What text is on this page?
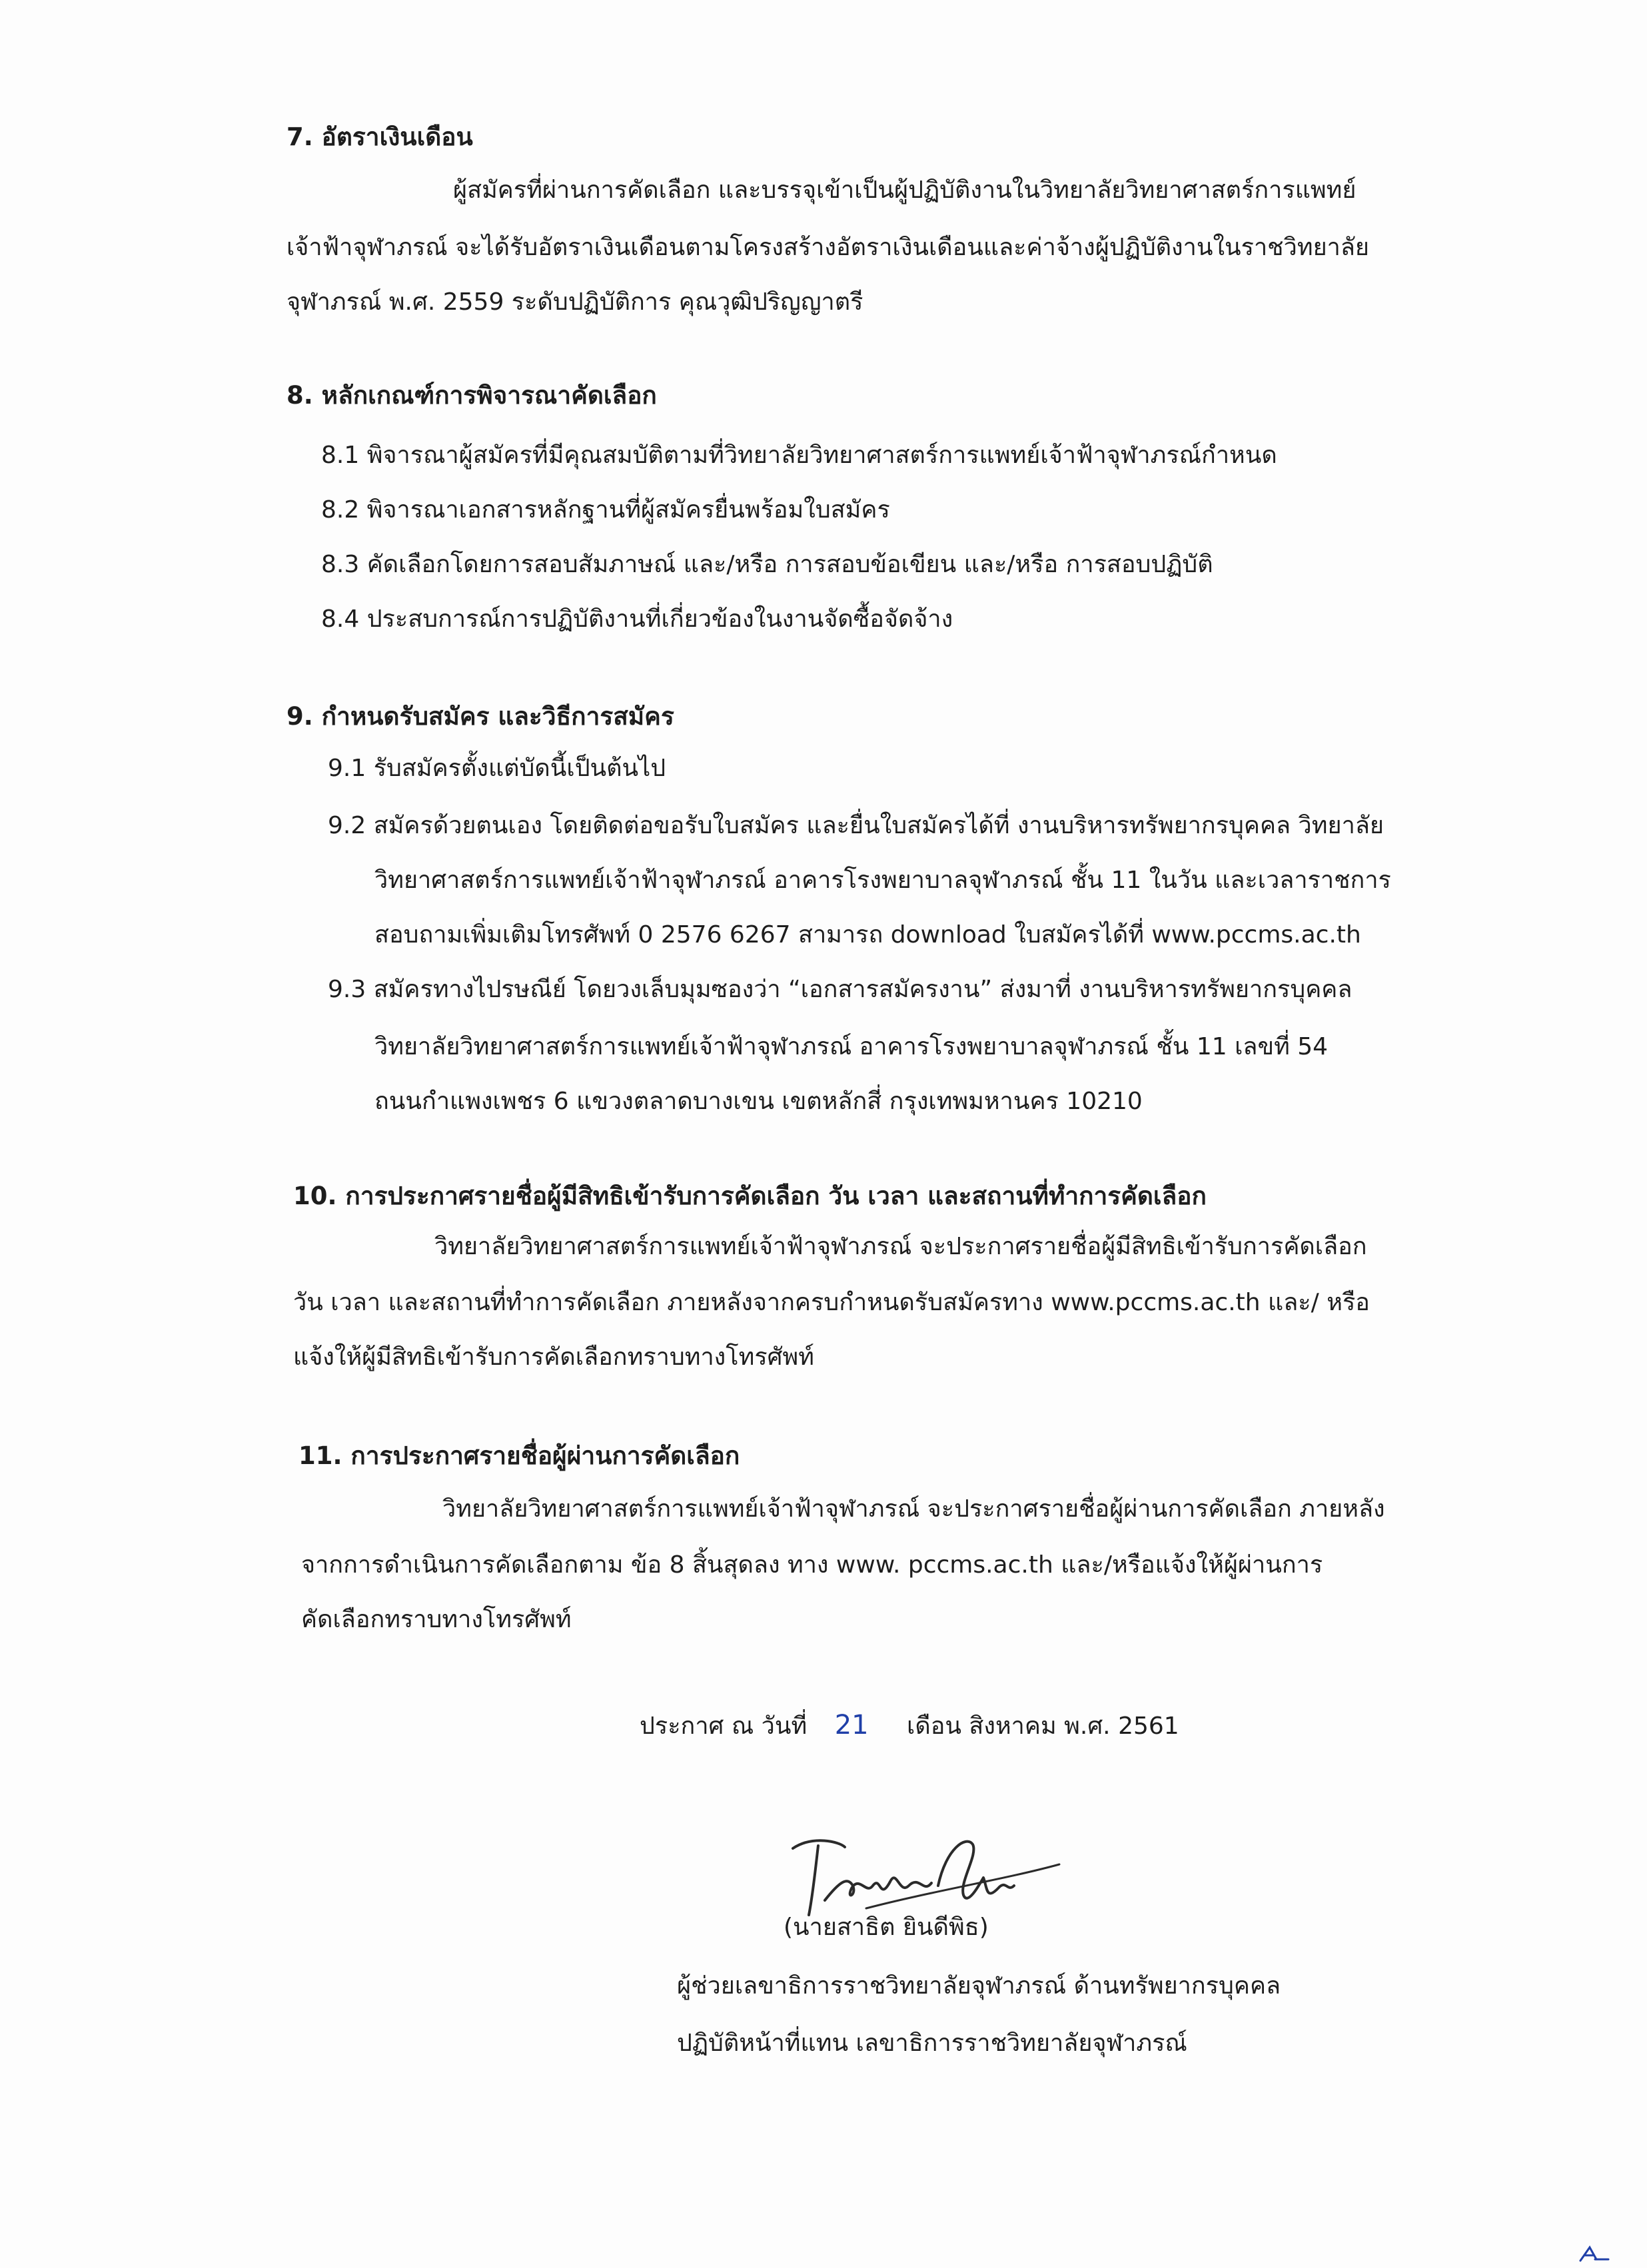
7. อัตราเงินเดือน
ผู้สมัครที่ผ่านการคัดเลือก และบรรจุเข้าเป็นผู้ปฏิบัติงานในวิทยาลัยวิทยาศาสตร์การแพทย์
เจ้าฟ้าจุฬาภรณ์ จะได้รับอัตราเงินเดือนตามโครงสร้างอัตราเงินเดือนและค่าจ้างผู้ปฏิบัติงานในราชวิทยาลัย
จุฬาภรณ์ พ.ศ. 2559 ระดับปฏิบัติการ คุณวุฒิปริญญาตรี
8. หลักเกณฑ์การพิจารณาคัดเลือก
8.1 พิจารณาผู้สมัครที่มีคุณสมบัติตามที่วิทยาลัยวิทยาศาสตร์การแพทย์เจ้าฟ้าจุฬาภรณ์กำหนด
8.2 พิจารณาเอกสารหลักฐานที่ผู้สมัครยื่นพร้อมใบสมัคร
8.3 คัดเลือกโดยการสอบสัมภาษณ์ และ/หรือ การสอบข้อเขียน และ/หรือ การสอบปฏิบัติ
8.4 ประสบการณ์การปฏิบัติงานที่เกี่ยวข้องในงานจัดซื้อจัดจ้าง
9. กำหนดรับสมัคร และวิธีการสมัคร
9.1 รับสมัครตั้งแต่บัดนี้เป็นต้นไป
9.2 สมัครด้วยตนเอง โดยติดต่อขอรับใบสมัคร และยื่นใบสมัครได้ที่ งานบริหารทรัพยากรบุคคล วิทยาลัย
วิทยาศาสตร์การแพทย์เจ้าฟ้าจุฬาภรณ์ อาคารโรงพยาบาลจุฬาภรณ์ ชั้น 11 ในวัน และเวลาราชการ
สอบถามเพิ่มเติมโทรศัพท์ 0 2576 6267 สามารถ download ใบสมัครได้ที่ www.pccms.ac.th
9.3 สมัครทางไปรษณีย์ โดยวงเล็บมุมซองว่า “เอกสารสมัครงาน” ส่งมาที่ งานบริหารทรัพยากรบุคคล
วิทยาลัยวิทยาศาสตร์การแพทย์เจ้าฟ้าจุฬาภรณ์ อาคารโรงพยาบาลจุฬาภรณ์ ชั้น 11 เลขที่ 54
ถนนกำแพงเพชร 6 แขวงตลาดบางเขน เขตหลักสี่ กรุงเทพมหานคร 10210
10. การประกาศรายชื่อผู้มีสิทธิเข้ารับการคัดเลือก วัน เวลา และสถานที่ทำการคัดเลือก
วิทยาลัยวิทยาศาสตร์การแพทย์เจ้าฟ้าจุฬาภรณ์ จะประกาศรายชื่อผู้มีสิทธิเข้ารับการคัดเลือก
วัน เวลา และสถานที่ทำการคัดเลือก ภายหลังจากครบกำหนดรับสมัครทาง www.pccms.ac.th และ/ หรือ
แจ้งให้ผู้มีสิทธิเข้ารับการคัดเลือกทราบทางโทรศัพท์
11. การประกาศรายชื่อผู้ผ่านการคัดเลือก
วิทยาลัยวิทยาศาสตร์การแพทย์เจ้าฟ้าจุฬาภรณ์ จะประกาศรายชื่อผู้ผ่านการคัดเลือก ภายหลัง
จากการดำเนินการคัดเลือกตาม ข้อ 8 สิ้นสุดลง ทาง www. pccms.ac.th และ/หรือแจ้งให้ผู้ผ่านการ
คัดเลือกทราบทางโทรศัพท์
ประกาศ ณ วันที่ 21 เดือน สิงหาคม พ.ศ. 2561
(นายสาธิต ยินดีพิธ)
ผู้ช่วยเลขาธิการราชวิทยาลัยจุฬาภรณ์ ด้านทรัพยากรบุคคล
ปฏิบัติหน้าที่แทน เลขาธิการราชวิทยาลัยจุฬาภรณ์
